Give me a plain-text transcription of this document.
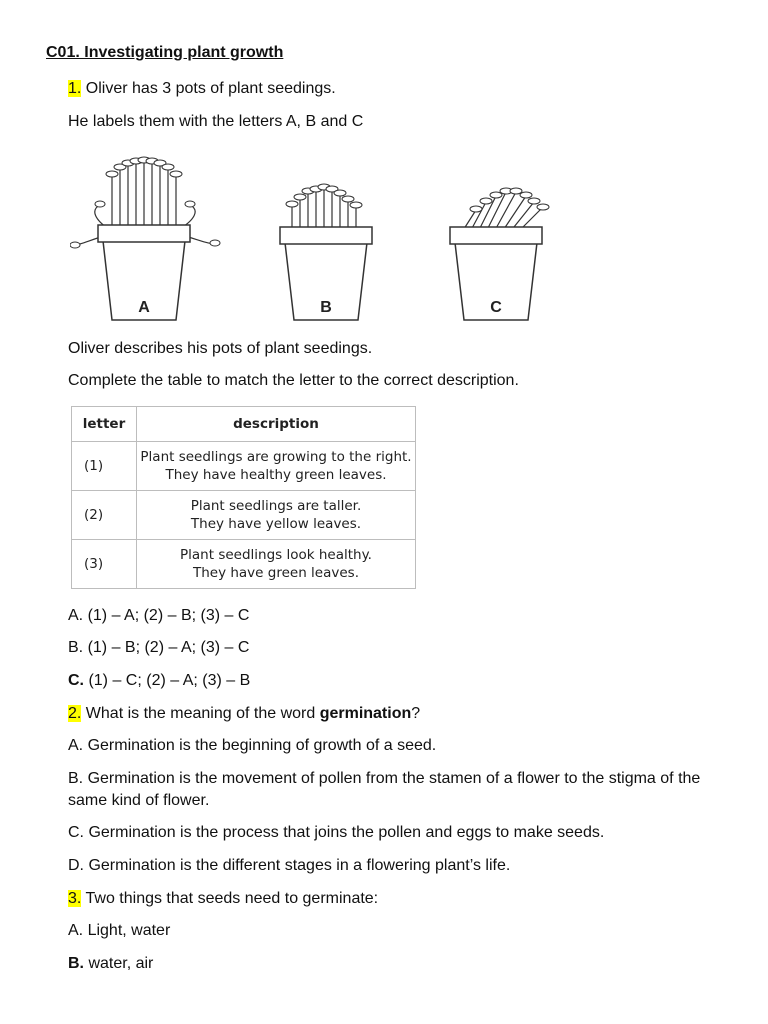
C01. Investigating plant growth
1. Oliver has 3 pots of plant seedings.
He labels them with the letters A, B and C
A	B	C
Oliver describes his pots of plant seedings.
Complete the table to match the letter to the correct description.
letter	description
(1)	Plant seedlings are growing to the right.
They have healthy green leaves.

(2)	Plant seedlings are taller.
They have yellow leaves.

(3)	Plant seedlings look healthy.
They have green leaves.
A. (1) – A; (2) – B; (3) – C
B. (1) – B; (2) – A; (3) – C
C. (1) – C; (2) – A; (3) – B
2. What is the meaning of the word germination?
A. Germination is the beginning of growth of a seed.
B. Germination is the movement of pollen from the stamen of a flower to the stigma of the same kind of flower.
C. Germination is the process that joins the pollen and eggs to make seeds.
D. Germination is the different stages in a flowering plant’s life.
3. Two things that seeds need to germinate:
A. Light, water
B. water, air
